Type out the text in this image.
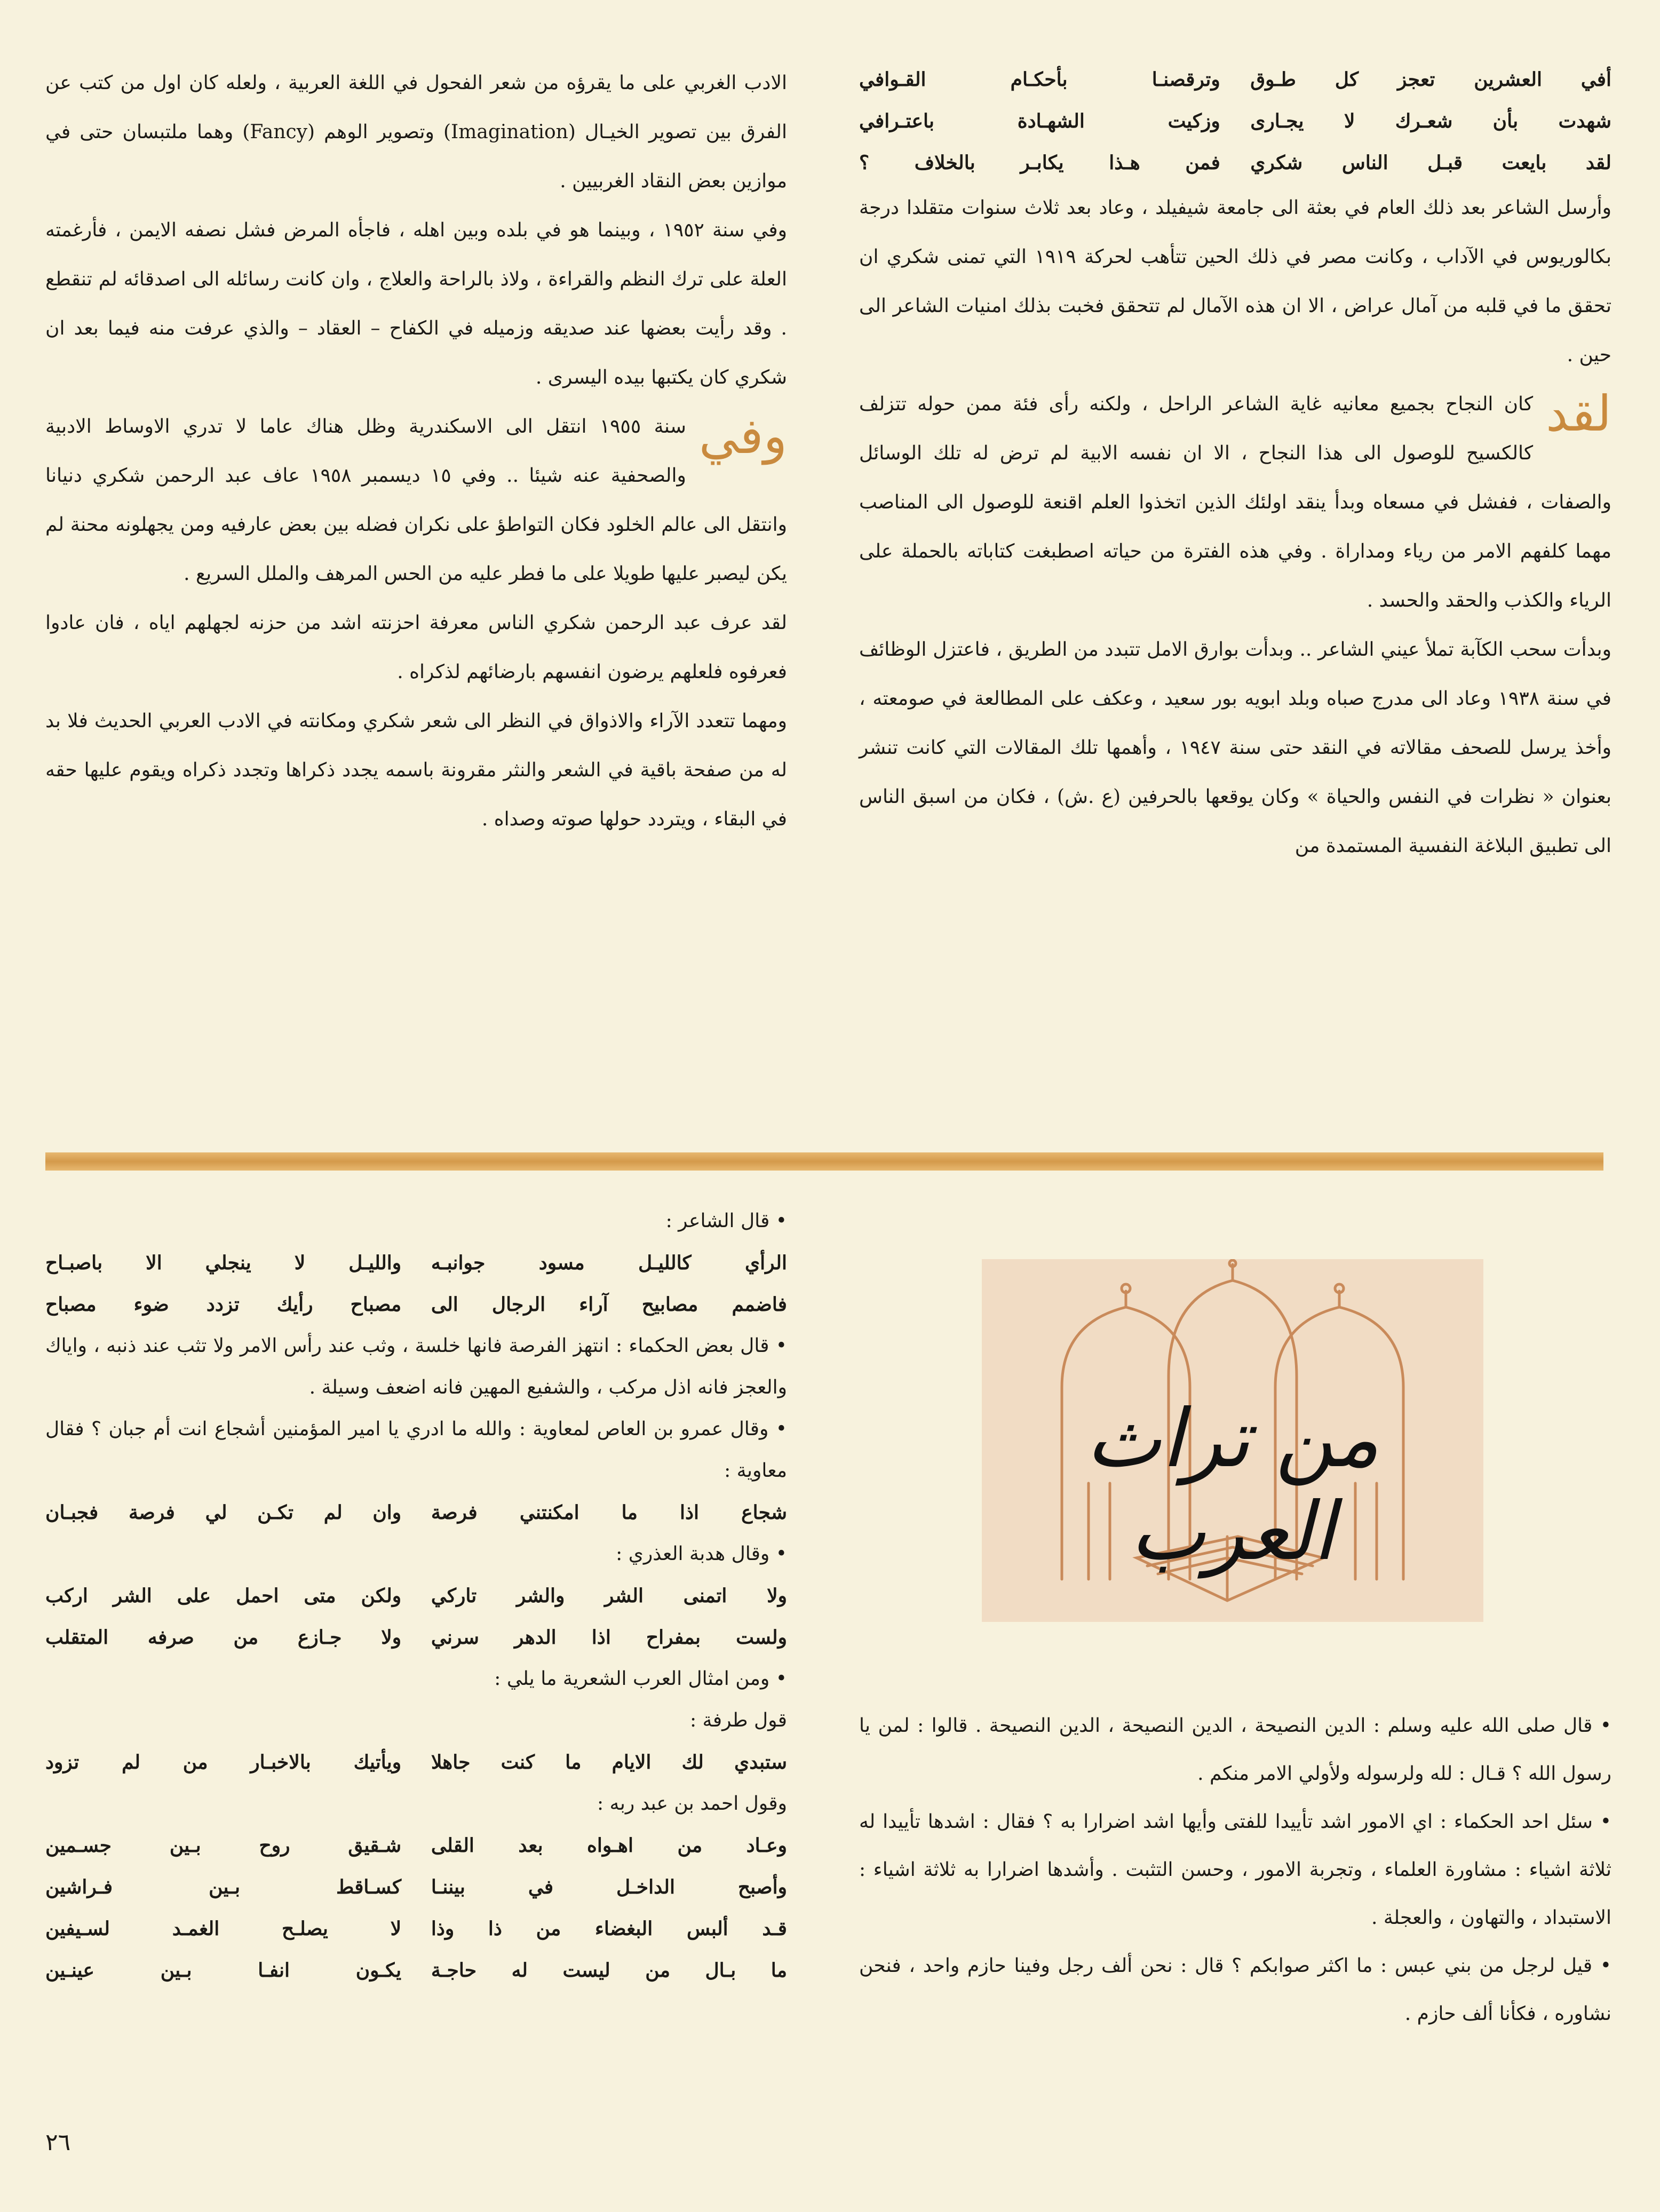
أفي العشرين تعجز كل طـوق
وترقصنـا بأحكـام القـوافي
شهدت بأن شعـرك لا يجـارى
وزكيت الشهـادة باعتـرافي
لقد بايعت قبـل الناس شكري
فمن هـذا يكابـر بالخلاف ؟

وأرسل الشاعر بعد ذلك العام في بعثة الى جامعة شيفيلد ، وعاد بعد ثلاث سنوات متقلدا درجة بكالوريوس في الآداب ، وكانت مصر في ذلك الحين تتأهب لحركة ١٩١٩ التي تمنى شكري ان تحقق ما في قلبه من آمال عراض ، الا ان هذه الآمال لم تتحقق فخبت بذلك امنيات الشاعر الى حين .

لقد
كان النجاح بجميع معانيه غاية الشاعر الراحل ، ولكنه رأى فئة ممن حوله تتزلف كالكسيح للوصول الى هذا النجاح ، الا ان نفسه الابية لم ترض له تلك الوسائل والصفات ، ففشل في مسعاه وبدأ ينقد اولئك الذين اتخذوا العلم اقنعة للوصول الى المناصب مهما كلفهم الامر من رياء ومداراة . وفي هذه الفترة من حياته اصطبغت كتاباته بالحملة على الرياء والكذب والحقد والحسد .

وبدأت سحب الكآبة تملأ عيني الشاعر .. وبدأت بوارق الامل تتبدد من الطريق ، فاعتزل الوظائف في سنة ١٩٣٨ وعاد الى مدرج صباه وبلد ابويه بور سعيد ، وعكف على المطالعة في صومعته ، وأخذ يرسل للصحف مقالاته في النقد حتى سنة ١٩٤٧ ، وأهمها تلك المقالات التي كانت تنشر بعنوان « نظرات في النفس والحياة » وكان يوقعها بالحرفين (ع .ش) ، فكان من اسبق الناس الى تطبيق البلاغة النفسية المستمدة من

الادب الغربي على ما يقرؤه من شعر الفحول في اللغة العربية ، ولعله كان اول من كتب عن الفرق بين تصوير الخيـال (Imagination) وتصوير الوهم (Fancy) وهما ملتبسان حتى في موازين بعض النقاد الغربيين .

وفي سنة ١٩٥٢ ، وبينما هو في بلده وبين اهله ، فاجأه المرض فشل نصفه الايمن ، فأرغمته العلة على ترك النظم والقراءة ، ولاذ بالراحة والعلاج ، وان كانت رسائله الى اصدقائه لم تنقطع . وقد رأيت بعضها عند صديقه وزميله في الكفاح – العقاد – والذي عرفت منه فيما بعد ان شكري كان يكتبها بيده اليسرى .

وفي
سنة ١٩٥٥ انتقل الى الاسكندرية وظل هناك عاما لا تدري الاوساط الادبية والصحفية عنه شيئا .. وفي ١٥ ديسمبر ١٩٥٨ عاف عبد الرحمن شكري دنيانا وانتقل الى عالم الخلود فكان التواطؤ على نكران فضله بين بعض عارفيه ومن يجهلونه محنة لم يكن ليصبر عليها طويلا على ما فطر عليه من الحس المرهف والملل السريع .

لقد عرف عبد الرحمن شكري الناس معرفة احزنته اشد من حزنه لجهلهم اياه ، فان عادوا فعرفوه فلعلهم يرضون انفسهم بارضائهم لذكراه .

ومهما تتعدد الآراء والاذواق في النظر الى شعر شكري ومكانته في الادب العربي الحديث فلا بد له من صفحة باقية في الشعر والنثر مقرونة باسمه يجدد ذكراها وتجدد ذكراه ويقوم عليها حقه في البقاء ، ويتردد حولها صوته وصداه .

من تراث العرب

• قال صلى الله عليه وسلم : الدين النصيحة ، الدين النصيحة ، الدين النصيحة . قالوا : لمن يا رسول الله ؟ قـال : لله ولرسوله ولأولي الامر منكم .

• سئل احد الحكماء : اي الامور اشد تأييدا للفتى وأيها اشد اضرارا به ؟ فقال : اشدها تأييدا له ثلاثة اشياء : مشاورة العلماء ، وتجربة الامور ، وحسن التثبت . وأشدها اضرارا به ثلاثة اشياء : الاستبداد ، والتهاون ، والعجلة .

• قيل لرجل من بني عبس : ما اكثر صوابكم ؟ قال : نحن ألف رجل وفينا حازم واحد ، فنحن نشاوره ، فكأنا ألف حازم .

• قال الشاعر :

الرأي كالليـل مسود جوانبـه
والليـل لا ينجلي الا باصبـاح
فاضمم مصابيح آراء الرجال الى
مصباح رأيك تزدد ضوء مصباح

• قال بعض الحكماء : انتهز الفرصة فانها خلسة ، وثب عند رأس الامر ولا تثب عند ذنبه ، واياك والعجز فانه اذل مركب ، والشفيع المهين فانه اضعف وسيلة .

• وقال عمرو بن العاص لمعاوية : والله ما ادري يا امير المؤمنين أشجاع انت أم جبان ؟ فقال معاوية :

شجاع اذا ما امكنتني فرصة
وان لم تكـن لي فرصة فجبـان

• وقال هدبة العذري :

ولا اتمنى الشر والشر تاركي
ولكن متى احمل على الشر اركب
ولست بمفراح اذا الدهر سرني
ولا جـازع من صرفه المتقلب

• ومن امثال العرب الشعرية ما يلي :

قول طرفة :

ستبدي لك الايام ما كنت جاهلا
ويأتيك بالاخبـار من لم تزود

وقول احمد بن عبد ربه :

وعـاد من اهـواه بعد القلى
شـقيق روح بـين جسـمين
وأصبح الداخـل في بيننـا
كسـاقط بـين فـراشين
قـد ألبس البغضاء من ذا وذا
لا يصلـح الغمـد لسـيفين
ما بـال من ليست له حاجـة
يكـون انفـا بـين عينـين
٢٦
